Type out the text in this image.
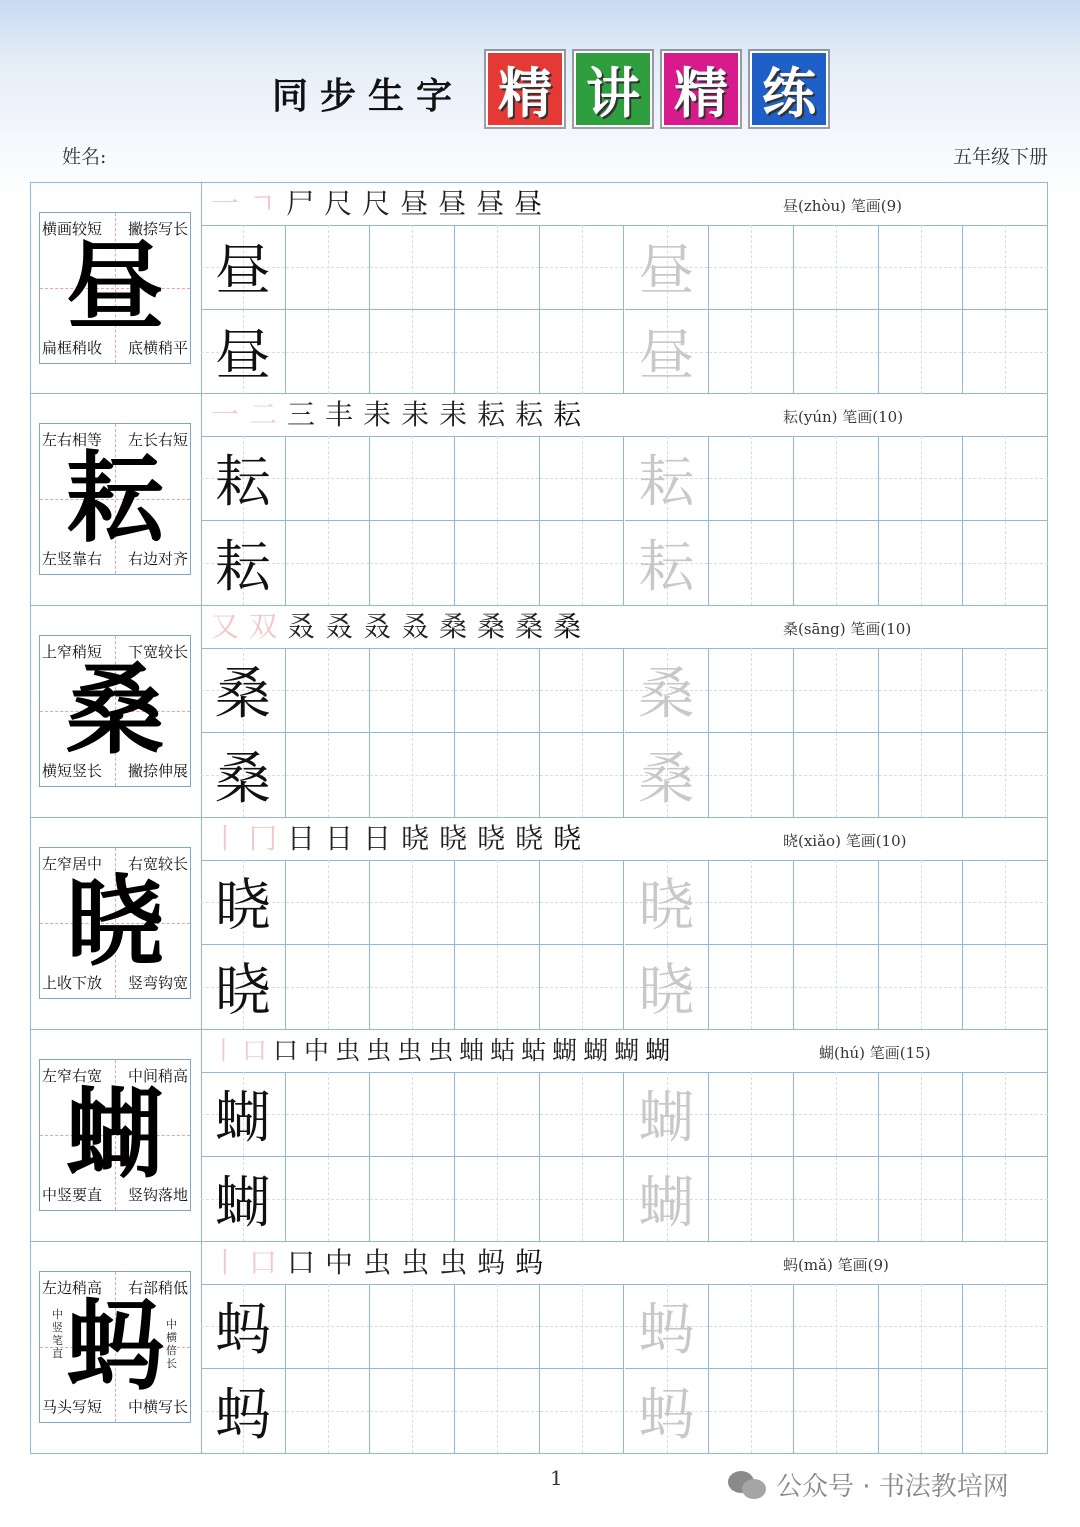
同步生字 精 讲 精 练
姓名:	五年级下册
昼
横画较短 撇捺写长
扁框稍收 底横稍平
一 ㄱ 尸 尺 尺 昼 昼 昼 昼	昼(zhòu) 笔画(9)
昼	昼
昼	昼
耘
左右相等 左长右短
左竖靠右 右边对齐
一 二 三 丰 耒 耒 耒 耘 耘 耘	耘(yún) 笔画(10)
耘	耘
耘	耘
桑
上窄稍短 下宽较长
横短竖长 撇捺伸展
又 双 叒 叒 叒 叒 桑 桑 桑 桑	桑(sāng) 笔画(10)
桑	桑
桑	桑
晓
左窄居中 右宽较长
上收下放 竖弯钩宽
丨 冂 日 日 日 晓 晓 晓 晓 晓	晓(xiǎo) 笔画(10)
晓	晓
晓	晓
蝴
左窄右宽 中间稍高
中竖要直 竖钩落地
丨 口 口 中 虫 虫 虫 虫 蚰 蛄 蛄 蝴 蝴 蝴 蝴	蝴(hú) 笔画(15)
蝴	蝴
蝴	蝴
蚂
左边稍高 右部稍低
马头写短 中横写长
中竖笔直
中横倍长
丨 口 口 中 虫 虫 虫 蚂 蚂	蚂(mǎ) 笔画(9)
蚂	蚂
蚂	蚂
1	公众号 · 书法教培网
